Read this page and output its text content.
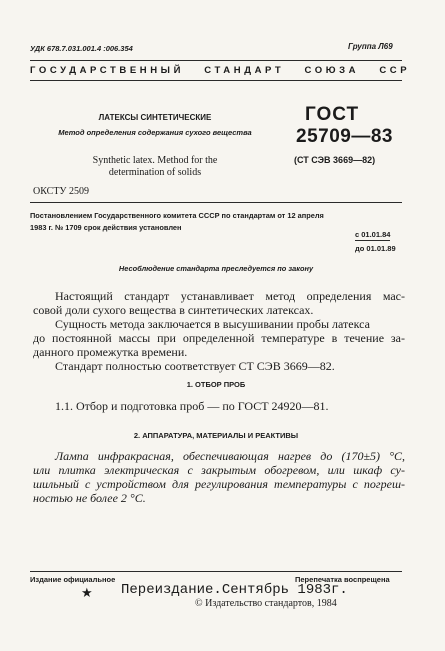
УДК 678.7.031.001.4 :006.354	Группа Л69
ГОСУДАРСТВЕННЫЙ СТАНДАРТ СОЮЗА ССР
ЛАТЕКСЫ СИНТЕТИЧЕСКИЕ
Метод определения содержания сухого вещества
Synthetic latex. Method for the
determination of solids
ГОСТ
25709—83
(СТ СЭВ 3669—82)
ОКСТУ 2509
Постановлением Государственного комитета СССР по стандартам от 12 апреля
1983 г. № 1709 срок действия установлен
с 01.01.84
до 01.01.89
Несоблюдение стандарта преследуется по закону

Настоящий стандарт устанавливает метод определения мас-

совой доли сухого вещества в синтетических латексах.

Сущность метода заключается в высушивании пробы латекса

до постоянной массы при определенной температуре в течение за-

данного промежутка времени.

Стандарт полностью соответствует СТ СЭВ 3669—82.

1. ОТБОР ПРОБ
1.1. Отбор и подготовка проб — по ГОСТ 24920—81.
2. АППАРАТУРА, МАТЕРИАЛЫ И РЕАКТИВЫ

Лампа инфракрасная, обеспечивающая нагрев до (170±5) °С,

или плитка электрическая с закрытым обогревом, или шкаф су-

шильный с устройством для регулирования температуры с погреш-

ностью не более 2 °С.

Издание официальное	Перепечатка воспрещена
★ Переиздание.Сентябрь 1983г.
© Издательство стандартов, 1984
